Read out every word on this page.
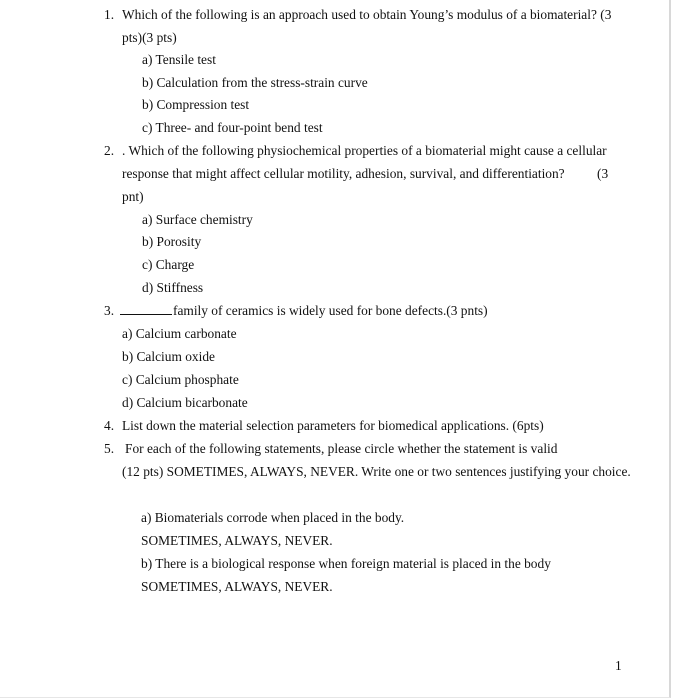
1. Which of the following is an approach used to obtain Young’s modulus of a biomaterial? (3
pts)(3 pts)
a) Tensile test
b) Calculation from the stress-strain curve
b) Compression test
c) Three- and four-point bend test
2. . Which of the following physiochemical properties of a biomaterial might cause a cellular
response that might affect cellular motility, adhesion, survival, and differentiation? (3
pnt)
a) Surface chemistry
b) Porosity
c) Charge
d) Stiffness
3.	family of ceramics is widely used for bone defects.(3 pnts)
a) Calcium carbonate
b) Calcium oxide
c) Calcium phosphate
d) Calcium bicarbonate
4. List down the material selection parameters for biomedical applications. (6pts)
5. For each of the following statements, please circle whether the statement is valid
(12 pts) SOMETIMES, ALWAYS, NEVER. Write one or two sentences justifying your choice.
a) Biomaterials corrode when placed in the body.
SOMETIMES, ALWAYS, NEVER.
b) There is a biological response when foreign material is placed in the body
SOMETIMES, ALWAYS, NEVER.
1
